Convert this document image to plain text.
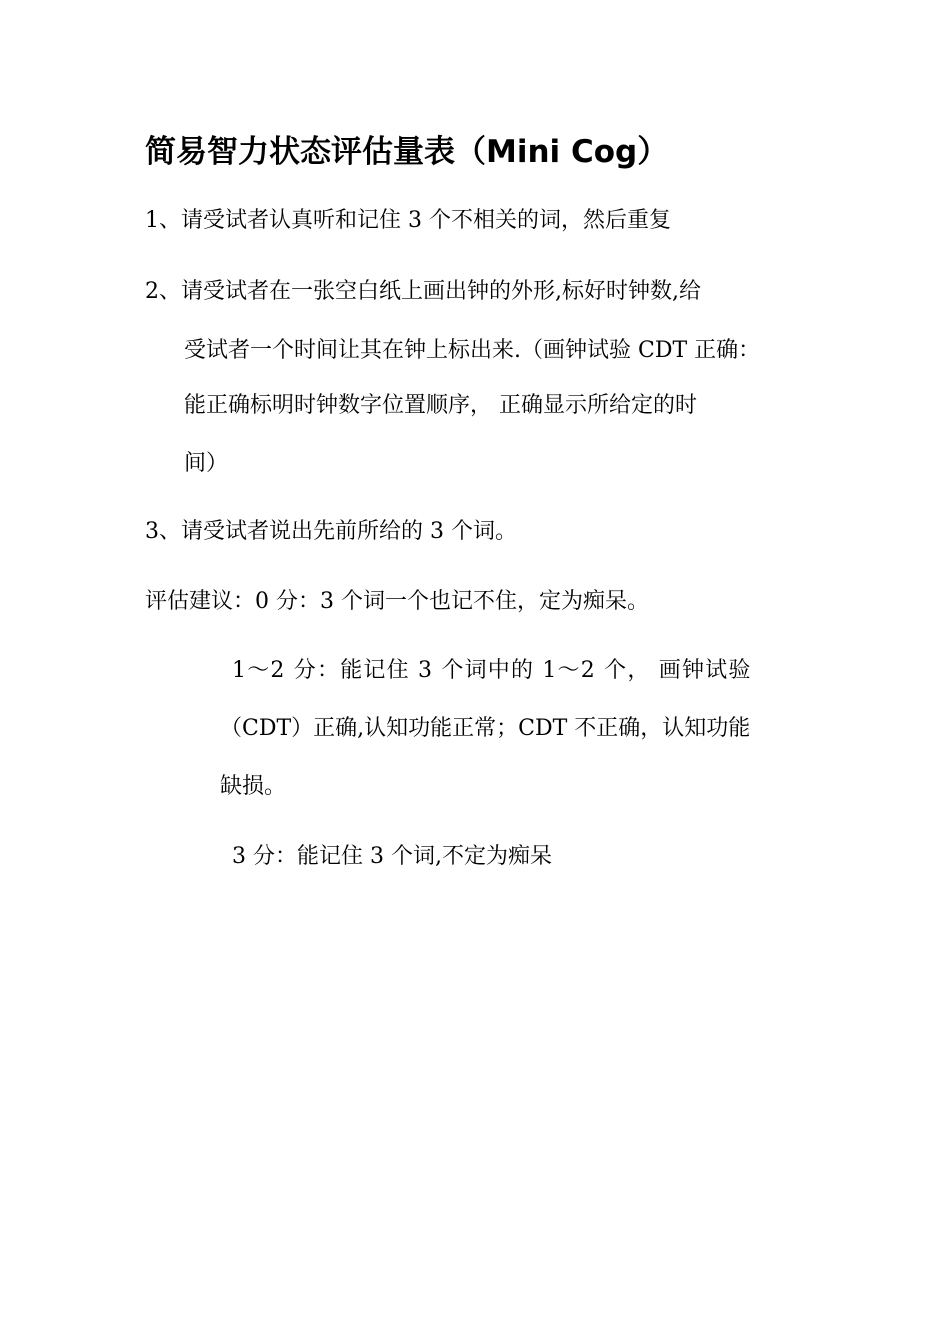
简易智力状态评估量表（Mini Cog）

1、请受试者认真听和记住 3 个不相关的词，然后重复

2、请受试者在一张空白纸上画出钟的外形,标好时钟数,给

受试者一个时间让其在钟上标出来.（画钟试验 CDT 正确：

能正确标明时钟数字位置顺序， 正确显示所给定的时

间）

3、请受试者说出先前所给的 3 个词。

评估建议：0 分：3 个词一个也记不住，定为痴呆。

1～2 分：能记住 3 个词中的 1～2 个， 画钟试验

（CDT）正确,认知功能正常；CDT 不正确，认知功能

缺损。

3 分：能记住 3 个词,不定为痴呆
